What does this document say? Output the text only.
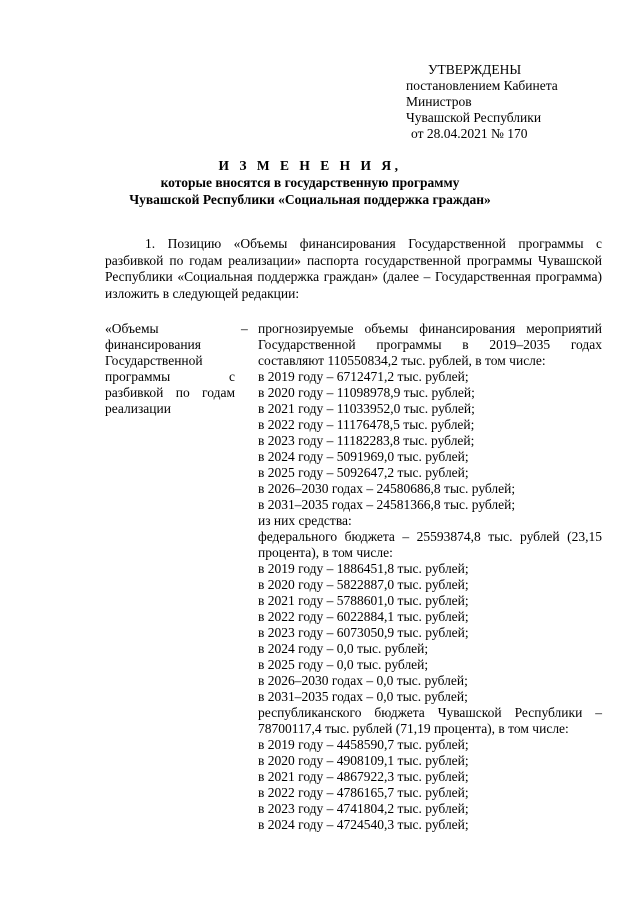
УТВЕРЖДЕНЫ
постановлением Кабинета Министров
Чувашской Республики
от 28.04.2021 № 170
И З М Е Н Е Н И Я,
которые вносятся в государственную программу
Чувашской Республики «Социальная поддержка граждан»
1. Позицию «Объемы финансирования Государственной программы с разбивкой по годам реализации» паспорта государственной программы Чувашской Республики «Социальная поддержка граждан» (далее – Государственная программа) изложить в следующей редакции:
«Объемы финансирования Государственной программы с разбивкой по годам реализации
– прогнозируемые объемы финансирования мероприятий Государственной программы в 2019–2035 годах составляют 110550834,2 тыс. рублей, в том числе:
в 2019 году – 6712471,2 тыс. рублей;
в 2020 году – 11098978,9 тыс. рублей;
в 2021 году – 11033952,0 тыс. рублей;
в 2022 году – 11176478,5 тыс. рублей;
в 2023 году – 11182283,8 тыс. рублей;
в 2024 году – 5091969,0 тыс. рублей;
в 2025 году – 5092647,2 тыс. рублей;
в 2026–2030 годах – 24580686,8 тыс. рублей;
в 2031–2035 годах – 24581366,8 тыс. рублей;
из них средства:
федерального бюджета – 25593874,8 тыс. рублей (23,15 процента), в том числе:
в 2019 году – 1886451,8 тыс. рублей;
в 2020 году – 5822887,0 тыс. рублей;
в 2021 году – 5788601,0 тыс. рублей;
в 2022 году – 6022884,1 тыс. рублей;
в 2023 году – 6073050,9 тыс. рублей;
в 2024 году – 0,0 тыс. рублей;
в 2025 году – 0,0 тыс. рублей;
в 2026–2030 годах – 0,0 тыс. рублей;
в 2031–2035 годах – 0,0 тыс. рублей;
республиканского бюджета Чувашской Республики – 78700117,4 тыс. рублей (71,19 процента), в том числе:
в 2019 году – 4458590,7 тыс. рублей;
в 2020 году – 4908109,1 тыс. рублей;
в 2021 году – 4867922,3 тыс. рублей;
в 2022 году – 4786165,7 тыс. рублей;
в 2023 году – 4741804,2 тыс. рублей;
в 2024 году – 4724540,3 тыс. рублей;
